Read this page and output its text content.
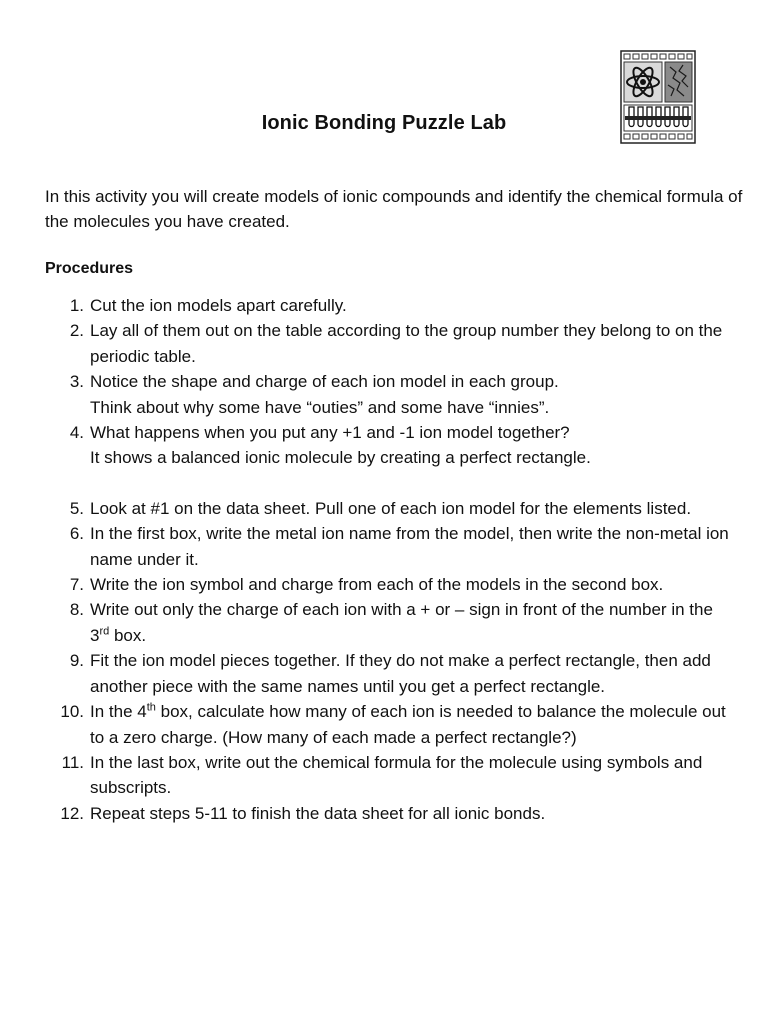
Ionic Bonding Puzzle Lab
In this activity you will create models of ionic compounds and identify the chemical formula of the molecules you have created.
Procedures
1. Cut the ion models apart carefully.
2. Lay all of them out on the table according to the group number they belong to on the periodic table.
3. Notice the shape and charge of each ion model in each group.
Think about why some have “outies” and some have “innies”.
4. What happens when you put any +1 and -1 ion model together?
It shows a balanced ionic molecule by creating a perfect rectangle.
5. Look at #1 on the data sheet. Pull one of each ion model for the elements listed.
6. In the first box, write the metal ion name from the model, then write the non-metal ion name under it.
7. Write the ion symbol and charge from each of the models in the second box.
8. Write out only the charge of each ion with a + or – sign in front of the number in the 3rd box.
9. Fit the ion model pieces together. If they do not make a perfect rectangle, then add another piece with the same names until you get a perfect rectangle.
10. In the 4th box, calculate how many of each ion is needed to balance the molecule out to a zero charge. (How many of each made a perfect rectangle?)
11. In the last box, write out the chemical formula for the molecule using symbols and subscripts.
12. Repeat steps 5-11 to finish the data sheet for all ionic bonds.
